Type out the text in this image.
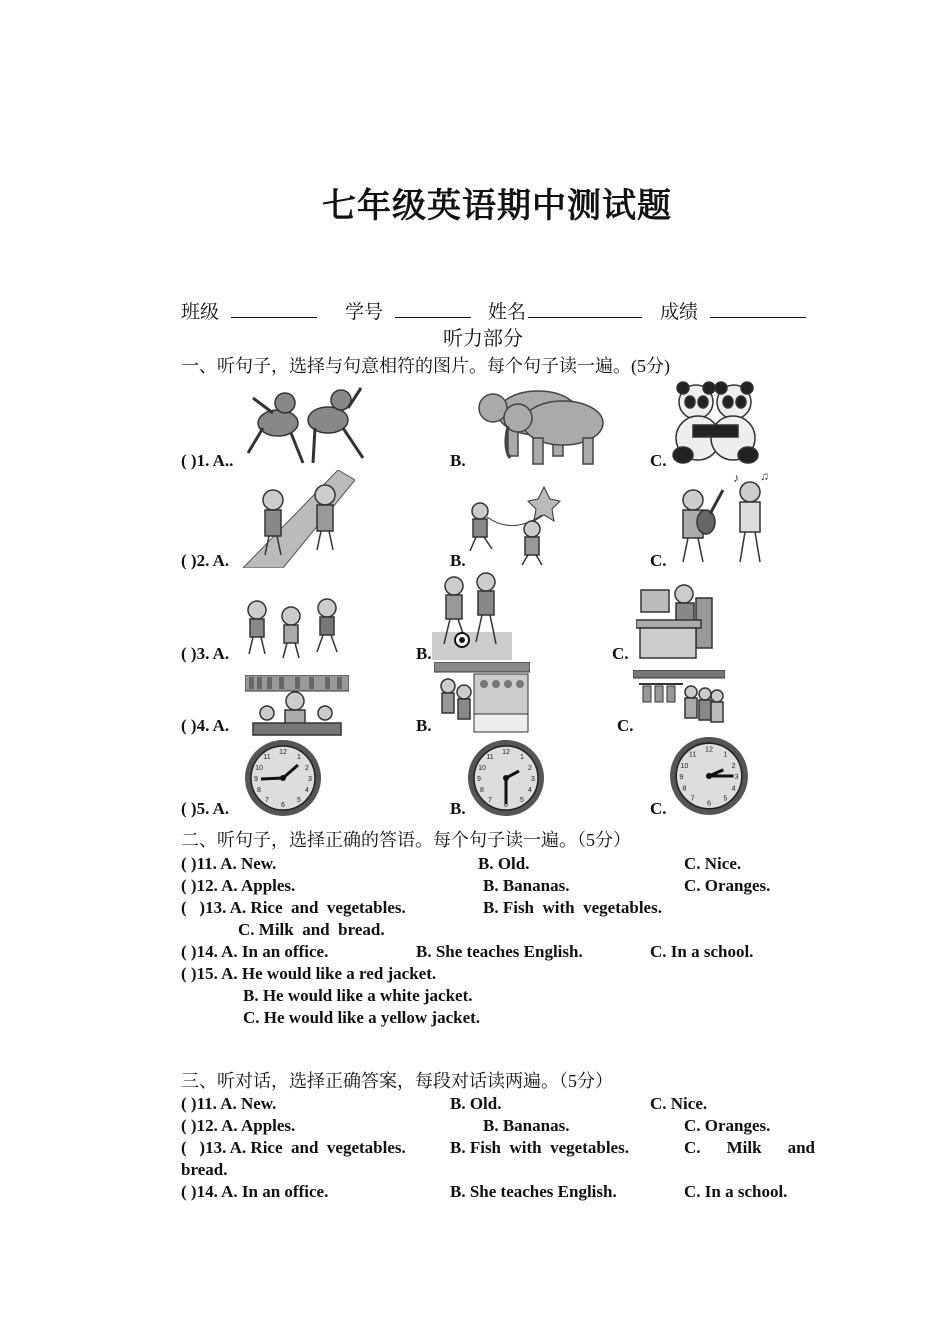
七年级英语期中测试题
班级	学号	姓名	成绩
听力部分
一、听句子，选择与句意相符的图片。每个句子读一遍。(5分)
( )1. A..	B.	C.
♪ ♫
( )2. A.	B.	C.
( )3. A.	B.	C.
( )4. A.	B.	C.
12
1
2
3
4
5
6
7
8
9
10
11
12
1
2
3
4
5
6
7
8
9
10
11
12
1
2
3
4
5
6
7
8
9
10
11
( )5. A.	B.	C.
二、听句子，选择正确的答语。每个句子读一遍。（5分）
( )11. A. New.	B. Old.	C. Nice.
( )12. A. Apples.	B. Bananas.	C. Oranges.
(   )13. A. Rice  and  vegetables.	B. Fish  with  vegetables.
C. Milk  and  bread.
( )14. A. In an office.	B. She teaches English.	C. In a school.
( )15. A. He would like a red jacket.
B. He would like a white jacket.
C. He would like a yellow jacket.
三、听对话，选择正确答案，每段对话读两遍。（5分）
( )11. A. New.	B. Old.	C. Nice.
( )12. A. Apples.	B. Bananas.	C. Oranges.
(   )13. A. Rice  and  vegetables.	B. Fish  with  vegetables.	C.   Milk   and
bread.
( )14. A. In an office.	B. She teaches English.	C. In a school.
